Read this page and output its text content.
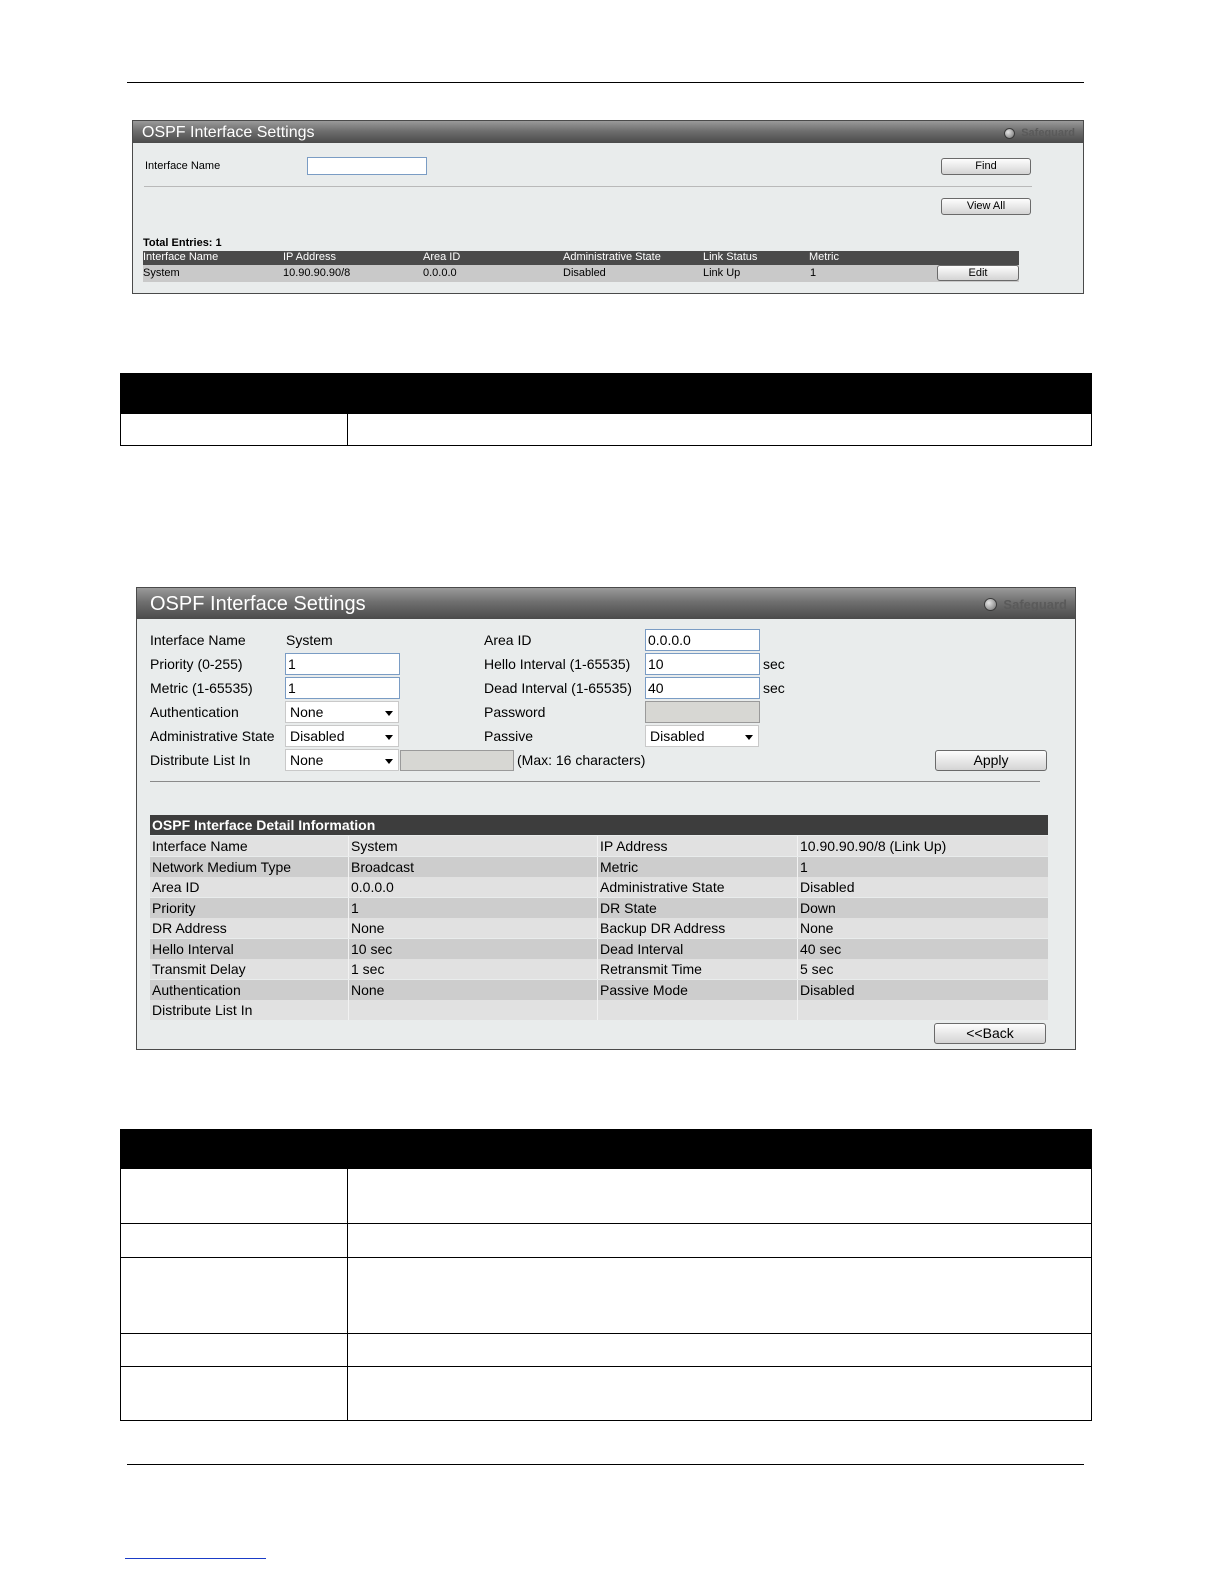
OSPF Interface Settings	Safeguard
Interface Name	Find
View All
Total Entries: 1
Interface Name	IP Address	Area ID	Administrative State	Link Status	Metric
System	10.90.90.90/8	0.0.0.0	Disabled	Link Up	1	Edit
OSPF Interface Settings	Safeguard
Interface Name	System
Priority (0-255)	1
Metric (1-65535)	1
Authentication	None
Administrative State	Disabled
Distribute List In	None	(Max: 16 characters)
Area ID	0.0.0.0
Hello Interval (1-65535) 10	sec
Dead Interval (1-65535) 40	sec
Password
Passive	Disabled
Apply
OSPF Interface Detail Information
Interface Name	System	IP Address	10.90.90.90/8 (Link Up)
Network Medium Type	Broadcast	Metric	1
Area ID	0.0.0.0	Administrative State	Disabled
Priority	1	DR State	Down
DR Address	None	Backup DR Address	None
Hello Interval	10 sec	Dead Interval	40 sec
Transmit Delay	1 sec	Retransmit Time	5 sec
Authentication	None	Passive Mode	Disabled
Distribute List In
<<Back
